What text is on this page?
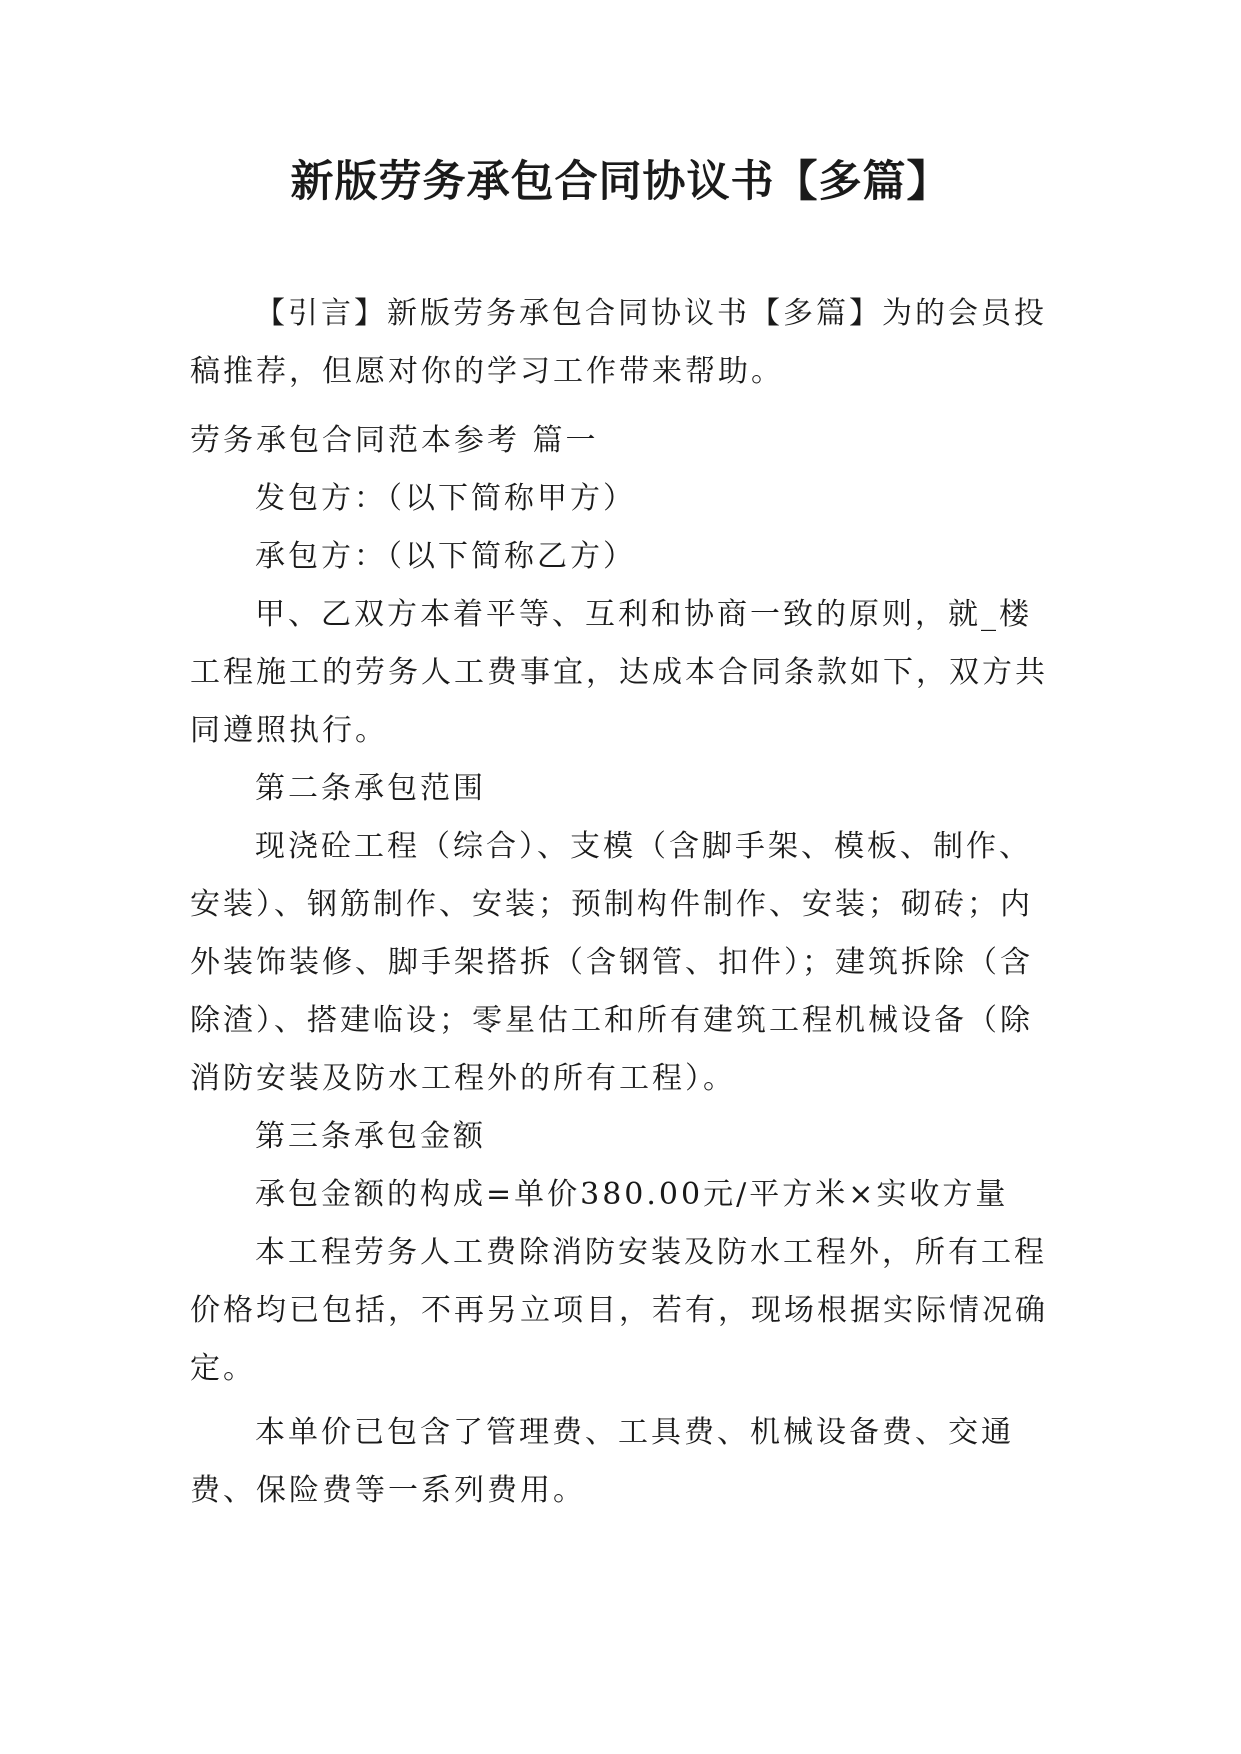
新版劳务承包合同协议书【多篇】

【引言】新版劳务承包合同协议书【多篇】为的会员投稿推荐，但愿对你的学习工作带来帮助。

劳务承包合同范本参考 篇一

发包方：（以下简称甲方）

承包方：（以下简称乙方）

甲、乙双方本着平等、互利和协商一致的原则，就_楼工程施工的劳务人工费事宜，达成本合同条款如下，双方共同遵照执行。

第二条承包范围

现浇砼工程（综合）、支模（含脚手架、模板、制作、安装）、钢筋制作、安装；预制构件制作、安装；砌砖；内外装饰装修、脚手架搭拆（含钢管、扣件）；建筑拆除（含除渣）、搭建临设；零星估工和所有建筑工程机械设备（除消防安装及防水工程外的所有工程）。

第三条承包金额

承包金额的构成=单价380.00元/平方米×实收方量

本工程劳务人工费除消防安装及防水工程外，所有工程价格均已包括，不再另立项目，若有，现场根据实际情况确定。

本单价已包含了管理费、工具费、机械设备费、交通费、保险费等一系列费用。
